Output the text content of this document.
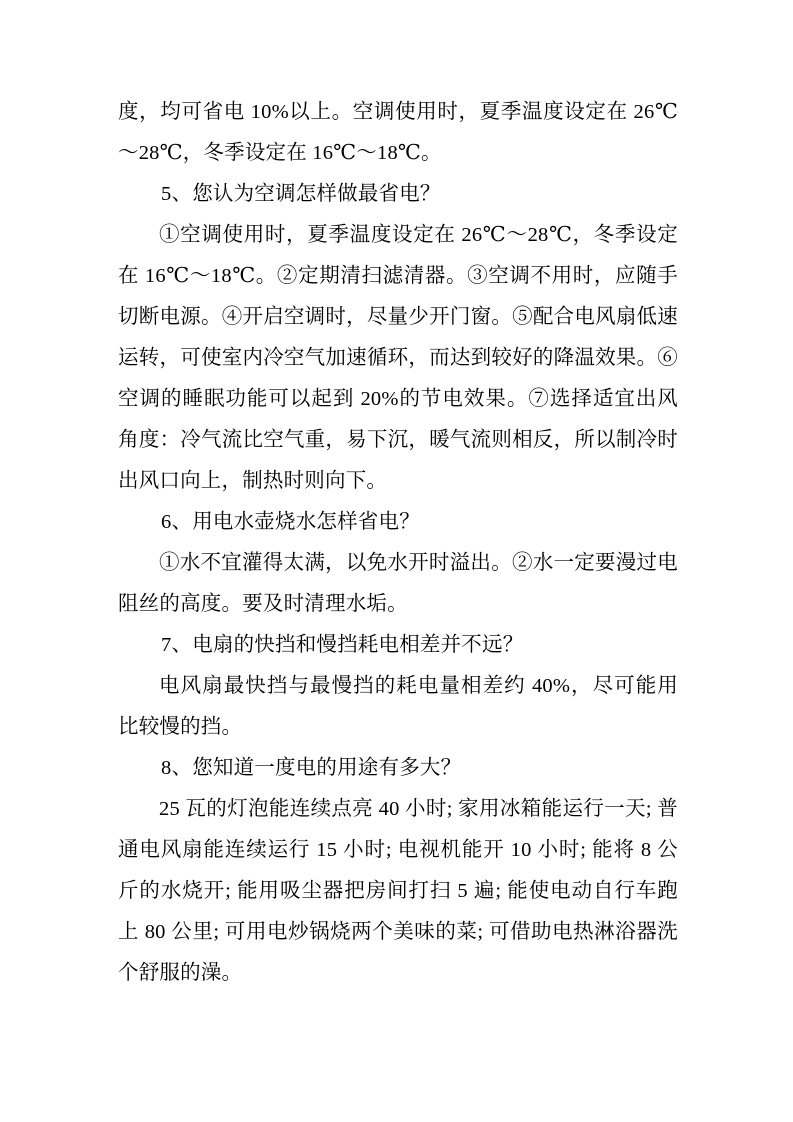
度，均可省电 10%以上。空调使用时，夏季温度设定在 26℃～28℃，冬季设定在 16℃～18℃。

5、您认为空调怎样做最省电？

①空调使用时，夏季温度设定在 26℃～28℃，冬季设定在 16℃～18℃。②定期清扫滤清器。③空调不用时，应随手切断电源。④开启空调时，尽量少开门窗。⑤配合电风扇低速运转，可使室内冷空气加速循环，而达到较好的降温效果。⑥空调的睡眠功能可以起到 20%的节电效果。⑦选择适宜出风角度：冷气流比空气重，易下沉，暖气流则相反，所以制冷时出风口向上，制热时则向下。

6、用电水壶烧水怎样省电？

①水不宜灌得太满，以免水开时溢出。②水一定要漫过电阻丝的高度。要及时清理水垢。

7、电扇的快挡和慢挡耗电相差并不远？

电风扇最快挡与最慢挡的耗电量相差约 40%，尽可能用比较慢的挡。

8、您知道一度电的用途有多大？

25 瓦的灯泡能连续点亮 40 小时; 家用冰箱能运行一天; 普通电风扇能连续运行 15 小时; 电视机能开 10 小时; 能将 8 公斤的水烧开; 能用吸尘器把房间打扫 5 遍; 能使电动自行车跑上 80 公里; 可用电炒锅烧两个美味的菜; 可借助电热淋浴器洗个舒服的澡。
